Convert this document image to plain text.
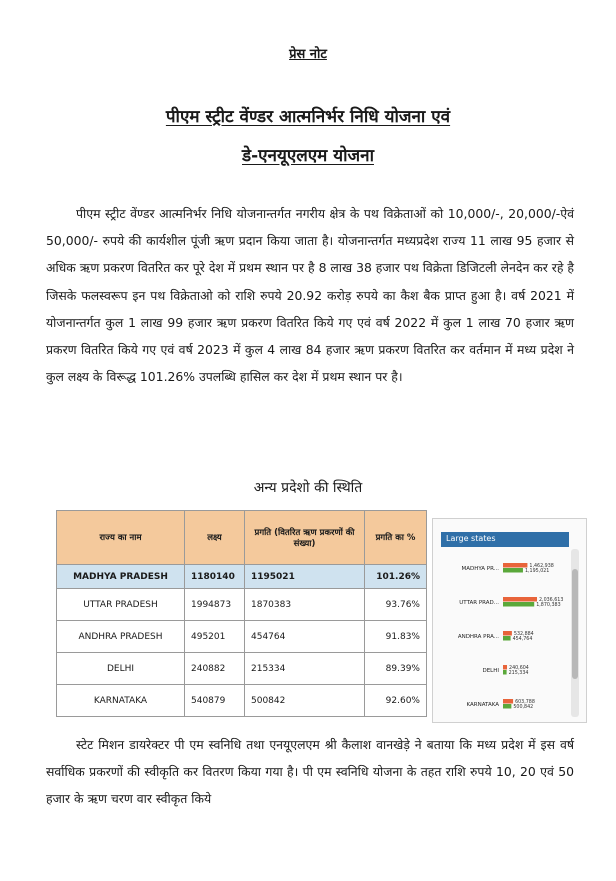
प्रेस नोट
पीएम स्ट्रीट वेंण्डर आत्मनिर्भर निधि योजना एवं
डे-एनयूएलएम योजना

पीएम स्ट्रीट वेंण्डर आत्मनिर्भर निधि योजनान्तर्गत नगरीय क्षेत्र के पथ विक्रेताओं को 10,000/-, 20,000/-ऐवं 50,000/- रुपये की कार्यशील पूंजी ऋण प्रदान किया जाता है। योजनान्तर्गत मध्यप्रदेश राज्य 11 लाख 95 हजार से अधिक ऋण प्रकरण वितरित कर पूरे देश में प्रथम स्थान पर है 8 लाख 38 हजार पथ विक्रेता डिजिटली लेनदेन कर रहे है जिसके फलस्वरूप इन पथ विक्रेताओ को राशि रुपये 20.92 करोड़ रुपये का कैश बैक प्राप्त हुआ है। वर्ष 2021 में योजनान्तर्गत कुल 1 लाख 99 हजार ऋण प्रकरण वितरित किये गए एवं वर्ष 2022 में कुल 1 लाख 70 हजार ऋण प्रकरण वितरित किये गए एवं वर्ष 2023 में कुल 4 लाख 84 हजार ऋण प्रकरण वितरित कर वर्तमान में मध्य प्रदेश ने कुल लक्ष्य के विरूद्ध 101.26% उपलब्धि हासिल कर देश में प्रथम स्थान पर है।

अन्य प्रदेशो की स्थिति
राज्य का नाम	लक्ष्य	प्रगति (वितरित ऋण प्रकरणों की संख्या)	प्रगति का %
MADHYA PRADESH	1180140	1195021	101.26%
UTTAR PRADESH	1994873	1870383	93.76%
ANDHRA PRADESH	495201	454764	91.83%
DELHI	240882	215334	89.39%
KARNATAKA	540879	500842	92.60%
Large states
MADHYA PR...	1,462,938
1,195,021
UTTAR PRAD...	2,036,613
1,870,383
ANDHRA PRA...	532,884
454,764
DELHI 240,604
215,334
KARNATAKA	603,788
500,842

स्टेट मिशन डायरेक्टर पी एम स्वनिधि तथा एनयूएलएम श्री कैलाश वानखेड़े ने बताया कि मध्य प्रदेश में इस वर्ष सर्वाधिक प्रकरणों की स्वीकृति कर वितरण किया गया है। पी एम स्वनिधि योजना के तहत राशि रुपये 10, 20 एवं 50 हजार के ऋण चरण वार स्वीकृत किये
